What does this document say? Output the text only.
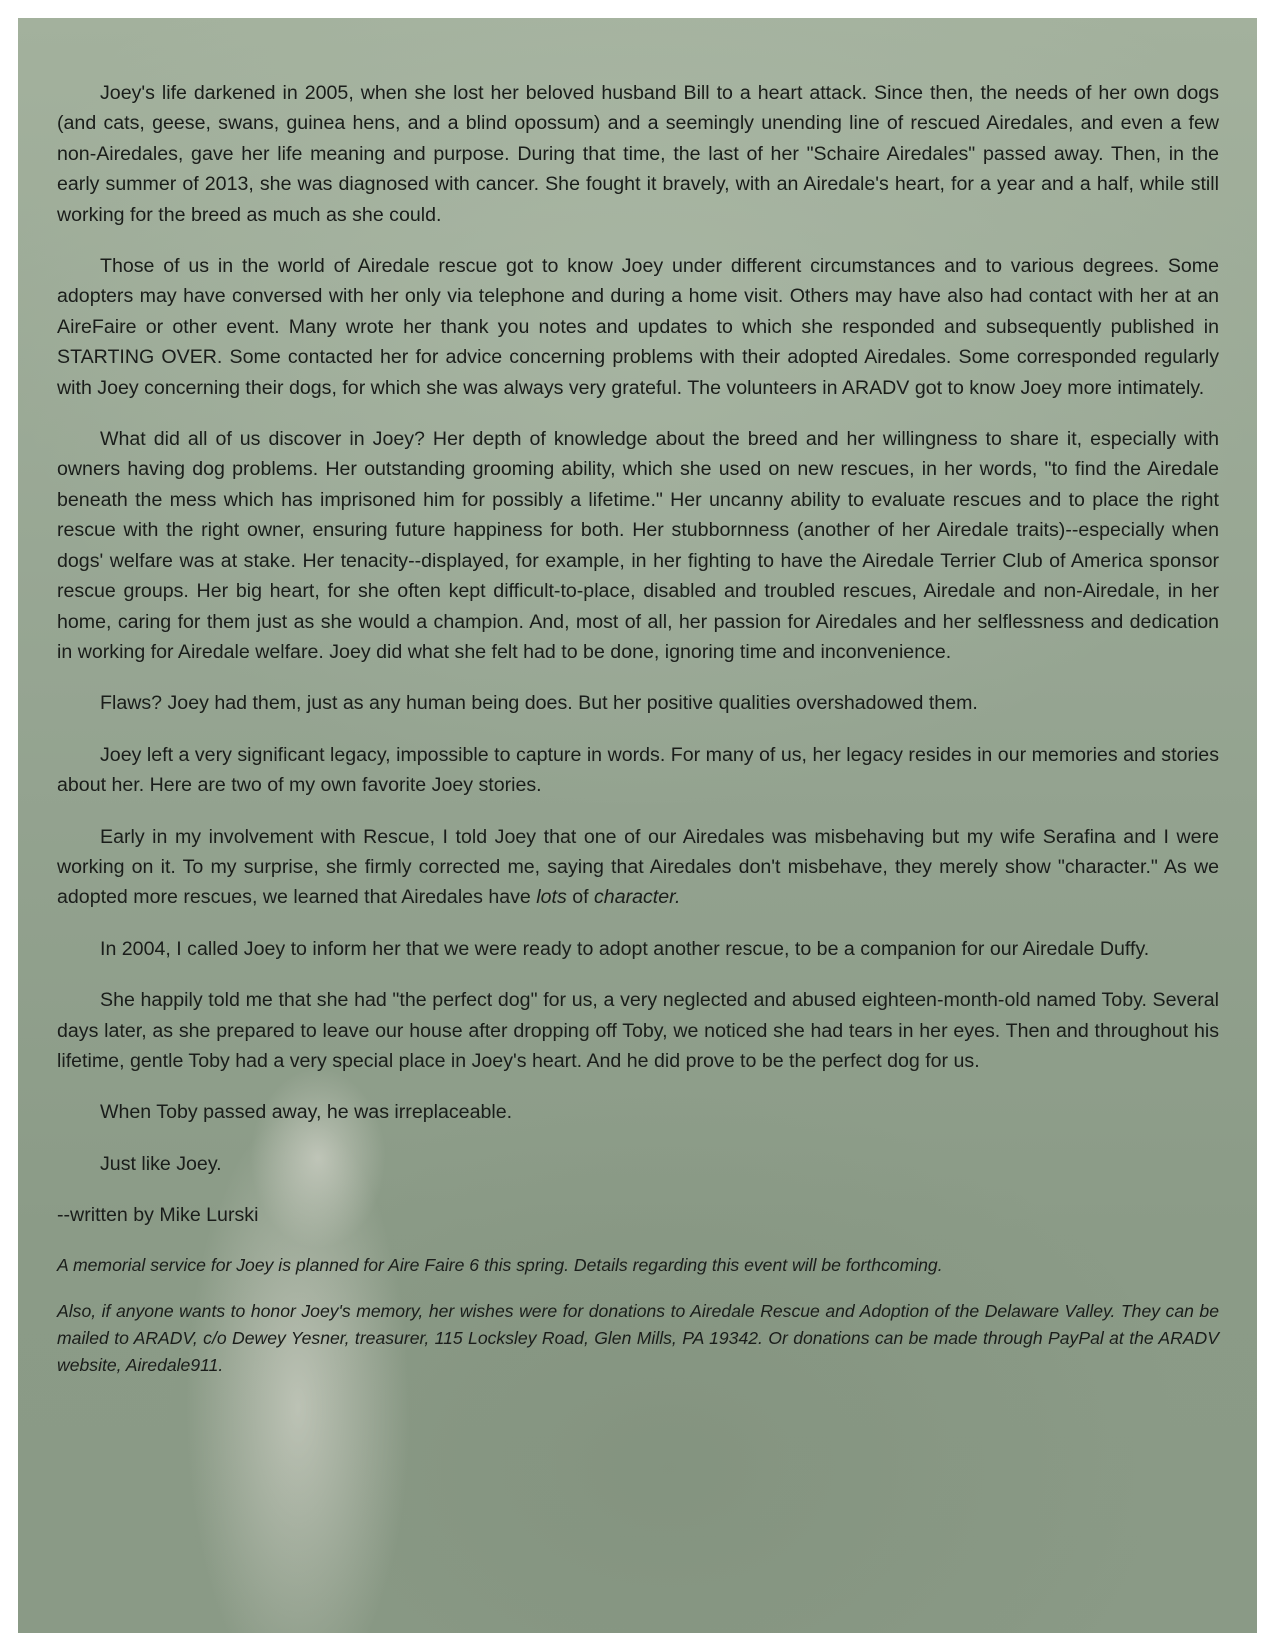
Joey's life darkened in 2005, when she lost her beloved husband Bill to a heart attack. Since then, the needs of her own dogs (and cats, geese, swans, guinea hens, and a blind opossum) and a seemingly unending line of rescued Airedales, and even a few non-Airedales, gave her life meaning and purpose. During that time, the last of her "Schaire Airedales" passed away. Then, in the early summer of 2013, she was diagnosed with cancer. She fought it bravely, with an Airedale's heart, for a year and a half, while still working for the breed as much as she could.

Those of us in the world of Airedale rescue got to know Joey under different circumstances and to various degrees. Some adopters may have conversed with her only via telephone and during a home visit. Others may have also had contact with her at an AireFaire or other event. Many wrote her thank you notes and updates to which she responded and subsequently published in STARTING OVER. Some contacted her for advice concerning problems with their adopted Airedales. Some corresponded regularly with Joey concerning their dogs, for which she was always very grateful. The volunteers in ARADV got to know Joey more intimately.

What did all of us discover in Joey? Her depth of knowledge about the breed and her willingness to share it, especially with owners having dog problems. Her outstanding grooming ability, which she used on new rescues, in her words, "to find the Airedale beneath the mess which has imprisoned him for possibly a lifetime." Her uncanny ability to evaluate rescues and to place the right rescue with the right owner, ensuring future happiness for both. Her stubbornness (another of her Airedale traits)--especially when dogs' welfare was at stake. Her tenacity--displayed, for example, in her fighting to have the Airedale Terrier Club of America sponsor rescue groups. Her big heart, for she often kept difficult-to-place, disabled and troubled rescues, Airedale and non-Airedale, in her home, caring for them just as she would a champion. And, most of all, her passion for Airedales and her selflessness and dedication in working for Airedale welfare. Joey did what she felt had to be done, ignoring time and inconvenience.

Flaws? Joey had them, just as any human being does. But her positive qualities overshadowed them.

Joey left a very significant legacy, impossible to capture in words. For many of us, her legacy resides in our memories and stories about her. Here are two of my own favorite Joey stories.

Early in my involvement with Rescue, I told Joey that one of our Airedales was misbehaving but my wife Serafina and I were working on it. To my surprise, she firmly corrected me, saying that Airedales don't misbehave, they merely show "character." As we adopted more rescues, we learned that Airedales have lots of character.

In 2004, I called Joey to inform her that we were ready to adopt another rescue, to be a companion for our Airedale Duffy.

She happily told me that she had "the perfect dog" for us, a very neglected and abused eighteen-month-old named Toby. Several days later, as she prepared to leave our house after dropping off Toby, we noticed she had tears in her eyes. Then and throughout his lifetime, gentle Toby had a very special place in Joey's heart. And he did prove to be the perfect dog for us.

When Toby passed away, he was irreplaceable.

Just like Joey.

--written by Mike Lurski

A memorial service for Joey is planned for Aire Faire 6 this spring. Details regarding this event will be forthcoming.

Also, if anyone wants to honor Joey's memory, her wishes were for donations to Airedale Rescue and Adoption of the Delaware Valley. They can be mailed to ARADV, c/o Dewey Yesner, treasurer, 115 Locksley Road, Glen Mills, PA 19342. Or donations can be made through PayPal at the ARADV website, Airedale911.
